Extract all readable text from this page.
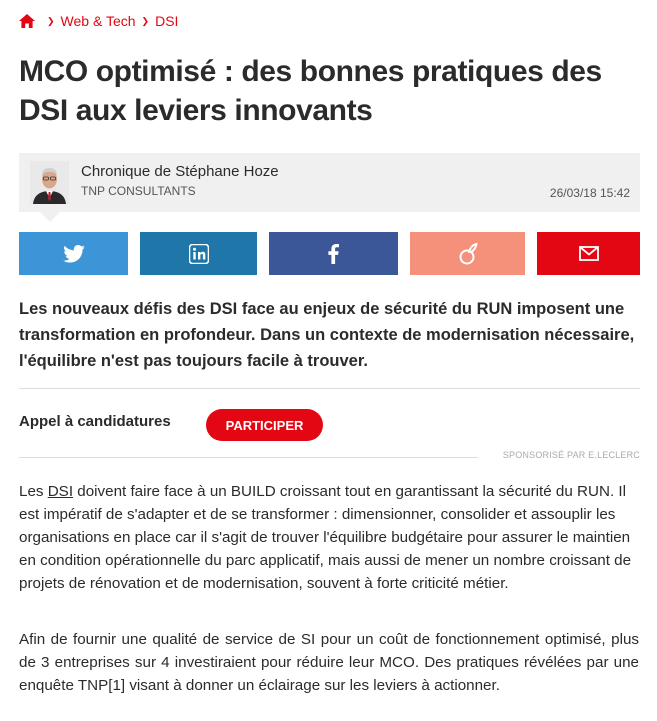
❯ Web & Tech ❯ DSI
MCO optimisé : des bonnes pratiques des DSI aux leviers innovants
Chronique de Stéphane Hoze
TNP CONSULTANTS	26/03/18 15:42

Les nouveaux défis des DSI face au enjeux de sécurité du RUN imposent une transformation en profondeur. Dans un contexte de modernisation nécessaire, l'équilibre n'est pas toujours facile à trouver.

Appel à candidatures	PARTICIPER
SPONSORISÉ PAR E.LECLERC

Les DSI doivent faire face à un BUILD croissant tout en garantissant la sécurité du RUN. Il est impératif de s'adapter et de se transformer : dimensionner, consolider et assouplir les organisations en place car il s'agit de trouver l'équilibre budgétaire pour assurer le maintien en condition opérationnelle du parc applicatif, mais aussi de mener un nombre croissant de projets de rénovation et de modernisation, souvent à forte criticité métier.

Afin de fournir une qualité de service de SI pour un coût de fonctionnement optimisé, plus de 3 entreprises sur 4 investiraient pour réduire leur MCO. Des pratiques révélées par une enquête TNP[1] visant à donner un éclairage sur les leviers à actionner.
